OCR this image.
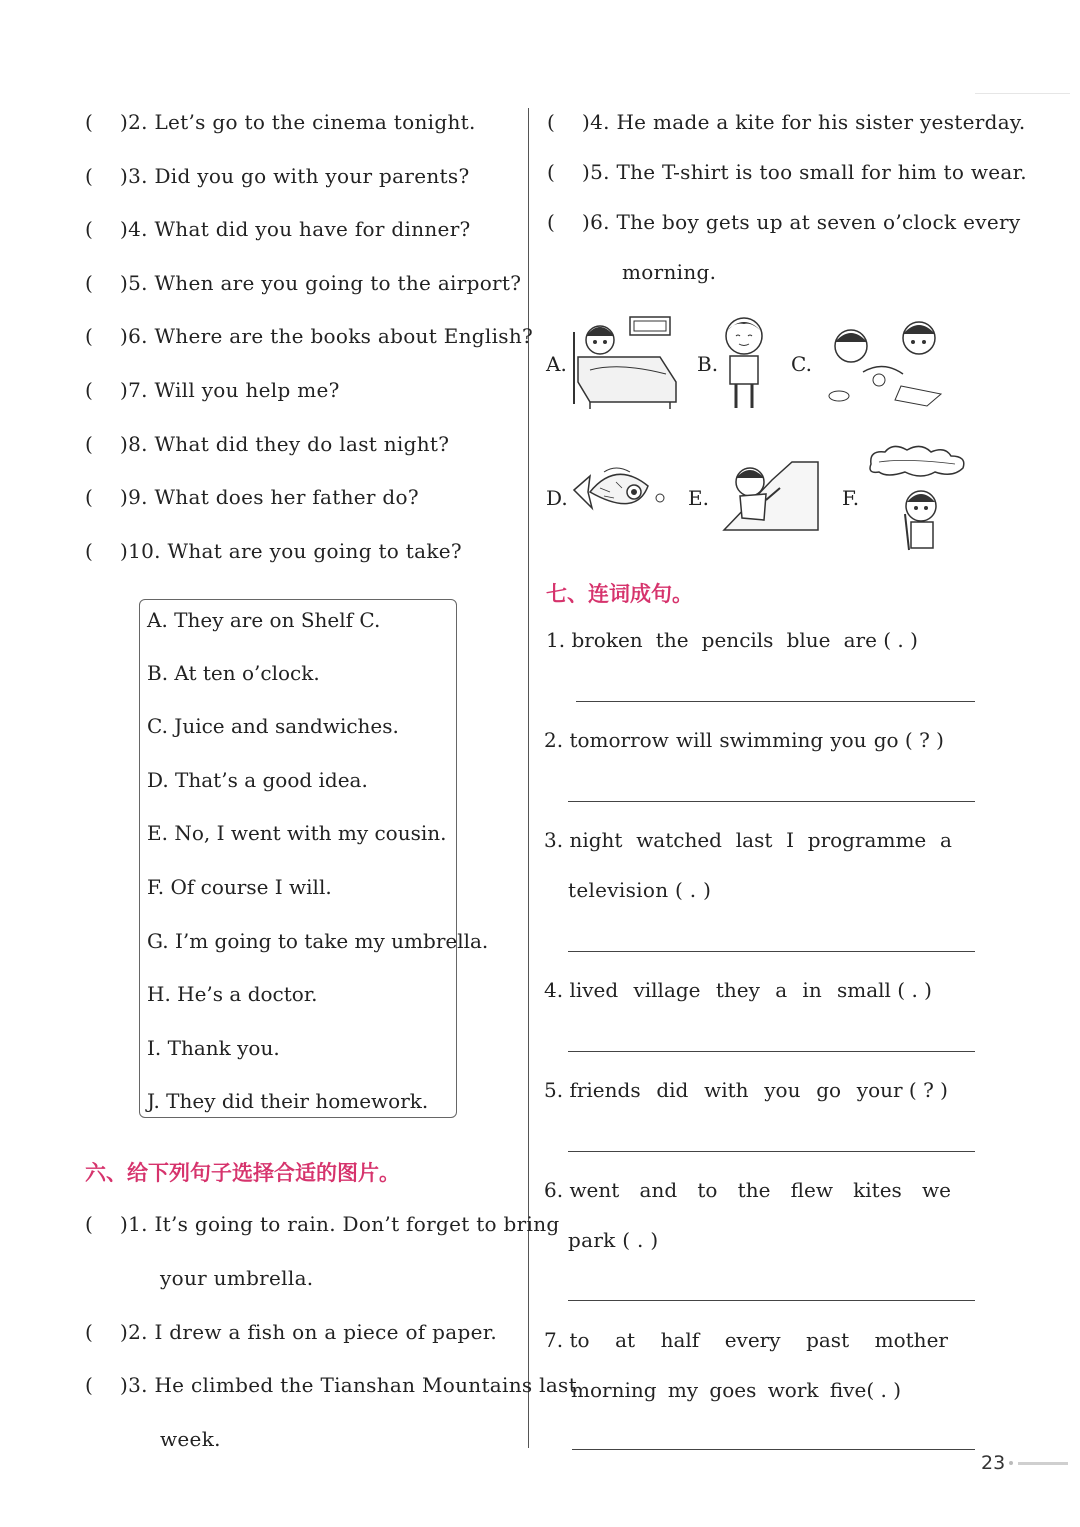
( )2. Let’s go to the cinema tonight.
( )3. Did you go with your parents?
( )4. What did you have for dinner?
( )5. When are you going to the airport?
( )6. Where are the books about English?
( )7. Will you help me?
( )8. What did they do last night?
( )9. What does her father do?
( )10. What are you going to take?
A. They are on Shelf C.
B. At ten o’clock.
C. Juice and sandwiches.
D. That’s a good idea.
E. No, I went with my cousin.
F. Of course I will.
G. I’m going to take my umbrella.
H. He’s a doctor.
I. Thank you.
J. They did their homework.
六、给下列句子选择合适的图片。
( )1. It’s going to rain. Don’t forget to bring
your umbrella.
( )2. I drew a fish on a piece of paper.
( )3. He climbed the Tianshan Mountains last
week.
( )4. He made a kite for his sister yesterday.
( )5. The T-shirt is too small for him to wear.
( )6. The boy gets up at seven o’clock every
morning.
A.	B.	C.
D.	E.	F.
七、连词成句。
1. broken the pencils blue are ( . )
2. tomorrow will swimming you go ( ? )
3. night watched last I programme a
television ( . )
4. lived village they a in small ( . )
5. friends did with you go your ( ? )
6. went and to the flew kites we
park ( . )
7. to at half every past mother
morning my goes work five( . )
23
